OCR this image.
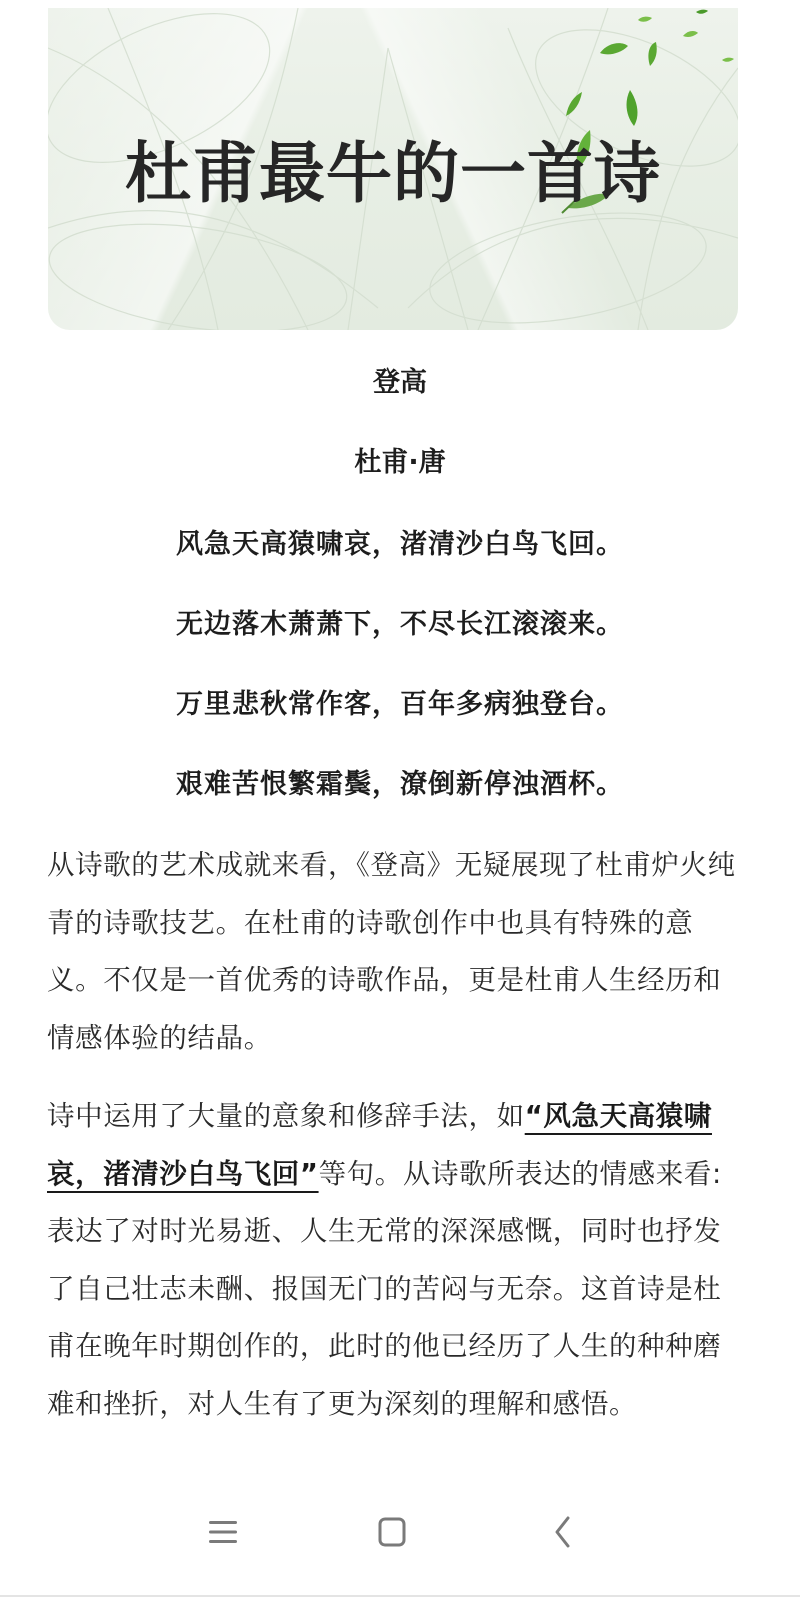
杜甫最牛的一首诗
登高
杜甫·唐
风急天高猿啸哀，渚清沙白鸟飞回。
无边落木萧萧下，不尽长江滚滚来。
万里悲秋常作客，百年多病独登台。
艰难苦恨繁霜鬓，潦倒新停浊酒杯。

从诗歌的艺术成就来看，《登高》无疑展现了杜甫炉火纯青的诗歌技艺。在杜甫的诗歌创作中也具有特殊的意义。不仅是一首优秀的诗歌作品，更是杜甫人生经历和情感体验的结晶。

诗中运用了大量的意象和修辞手法，如“风急天高猿啸哀，渚清沙白鸟飞回”等句。从诗歌所表达的情感来看: 表达了对时光易逝、人生无常的深深感慨，同时也抒发了自己壮志未酬、报国无门的苦闷与无奈。这首诗是杜甫在晚年时期创作的，此时的他已经历了人生的种种磨难和挫折，对人生有了更为深刻的理解和感悟。
